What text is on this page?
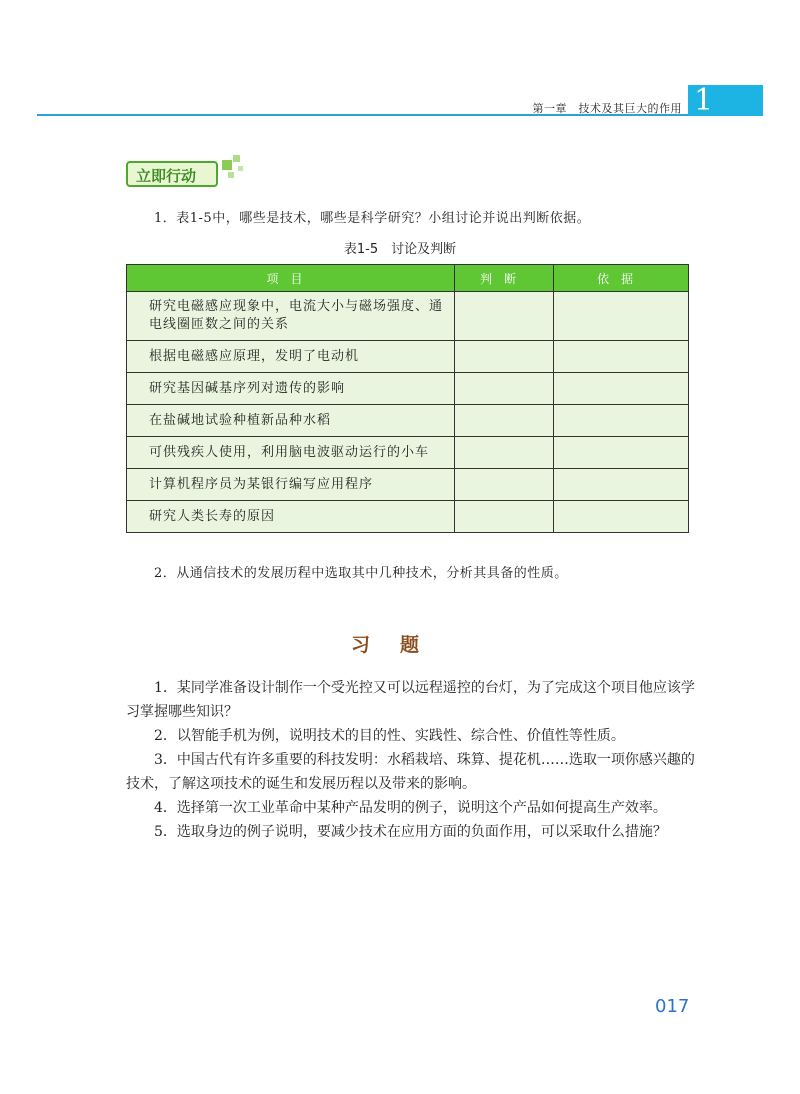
第一章　技术及其巨大的作用 1
立即行动
1．表1-5中，哪些是技术，哪些是科学研究？小组讨论并说出判断依据。
表1-5　讨论及判断
项目	判断	依据
研究电磁感应现象中，电流大小与磁场强度、通电线圈匝数之间的关系		
根据电磁感应原理，发明了电动机		
研究基因碱基序列对遗传的影响		
在盐碱地试验种植新品种水稻		
可供残疾人使用，利用脑电波驱动运行的小车		
计算机程序员为某银行编写应用程序		
研究人类长寿的原因		
2．从通信技术的发展历程中选取其中几种技术，分析其具备的性质。
习题

1．某同学准备设计制作一个受光控又可以远程遥控的台灯，为了完成这个项目他应该学习掌握哪些知识？

2．以智能手机为例，说明技术的目的性、实践性、综合性、价值性等性质。

3．中国古代有许多重要的科技发明：水稻栽培、珠算、提花机……选取一项你感兴趣的技术，了解这项技术的诞生和发展历程以及带来的影响。

4．选择第一次工业革命中某种产品发明的例子，说明这个产品如何提高生产效率。

5．选取身边的例子说明，要减少技术在应用方面的负面作用，可以采取什么措施？

017
